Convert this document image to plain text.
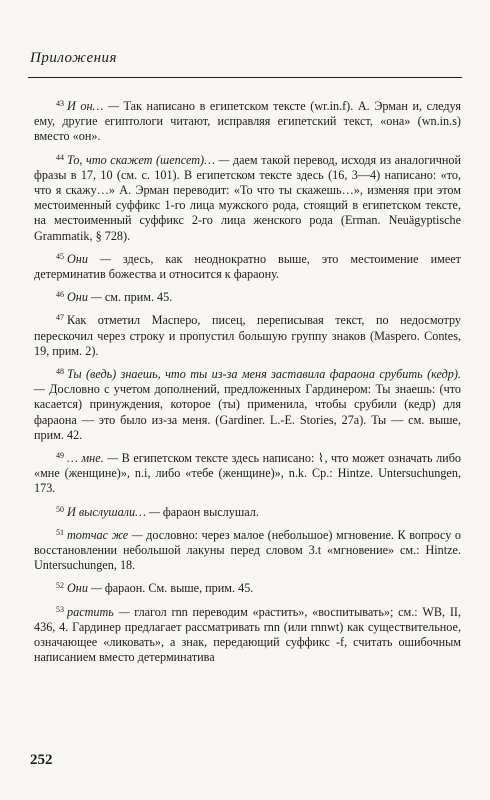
Приложения

$^{43}$ И он… — Так написано в египетском тексте (wr.in.f). А. Эрман и, следуя ему, другие египтологи читают, исправляя египетский текст, «она» (wn.in.s) вместо «он».

$^{44}$ То, что скажет (шепсет)… — даем такой перевод, исходя из аналогичной фразы в 17, 10 (см. с. 101). В египетском тексте здесь (16, 3—4) написано: «то, что я скажу…» А. Эрман переводит: «То что ты скажешь…», изменяя при этом местоименный суффикс 1-го лица мужского рода, стоящий в египетском тексте, на местоименный суффикс 2-го лица женского рода (Erman. Neuägyptische Grammatik, § 728).

$^{45}$ Они — здесь, как неоднократно выше, это местоимение имеет детерминатив божества и относится к фараону.

$^{46}$ Они — см. прим. 45.

$^{47}$ Как отметил Масперо, писец, переписывая текст, по недосмотру перескочил через строку и пропустил большую группу знаков (Maspero. Contes, 19, прим. 2).

$^{48}$ Ты (ведь) знаешь, что ты из-за меня заставила фараона срубить (кедр). — Дословно с учетом дополнений, предложенных Гардинером: Ты знаешь: (что касается) принуждения, которое (ты) применила, чтобы срубили (кедр) для фараона — это было из-за меня. (Gardiner. L.-E. Stories, 27a). Ты — см. выше, прим. 42.

$^{49}$ … мне. — В египетском тексте здесь написано: ⌇, что может означать либо «мне (женщине)», n.i, либо «тебе (женщине)», n.k. Ср.: Hintze. Untersuchungen, 173.

$^{50}$ И выслушали… — фараон выслушал.

$^{51}$ тотчас же — дословно: через малое (небольшое) мгновение. К вопросу о восстановлении небольшой лакуны перед словом 3.t «мгновение» см.: Hintze. Untersuchungen, 18.

$^{52}$ Они — фараон. См. выше, прим. 45.

$^{53}$ растить — глагол rnn переводим «растить», «воспитывать»; см.: WB, II, 436, 4. Гардинер предлагает рассматривать rnn (или rnnwt) как существительное, означающее «ликовать», а знак, передающий суффикс -f, считать ошибочным написанием вместо детерминатива

252
